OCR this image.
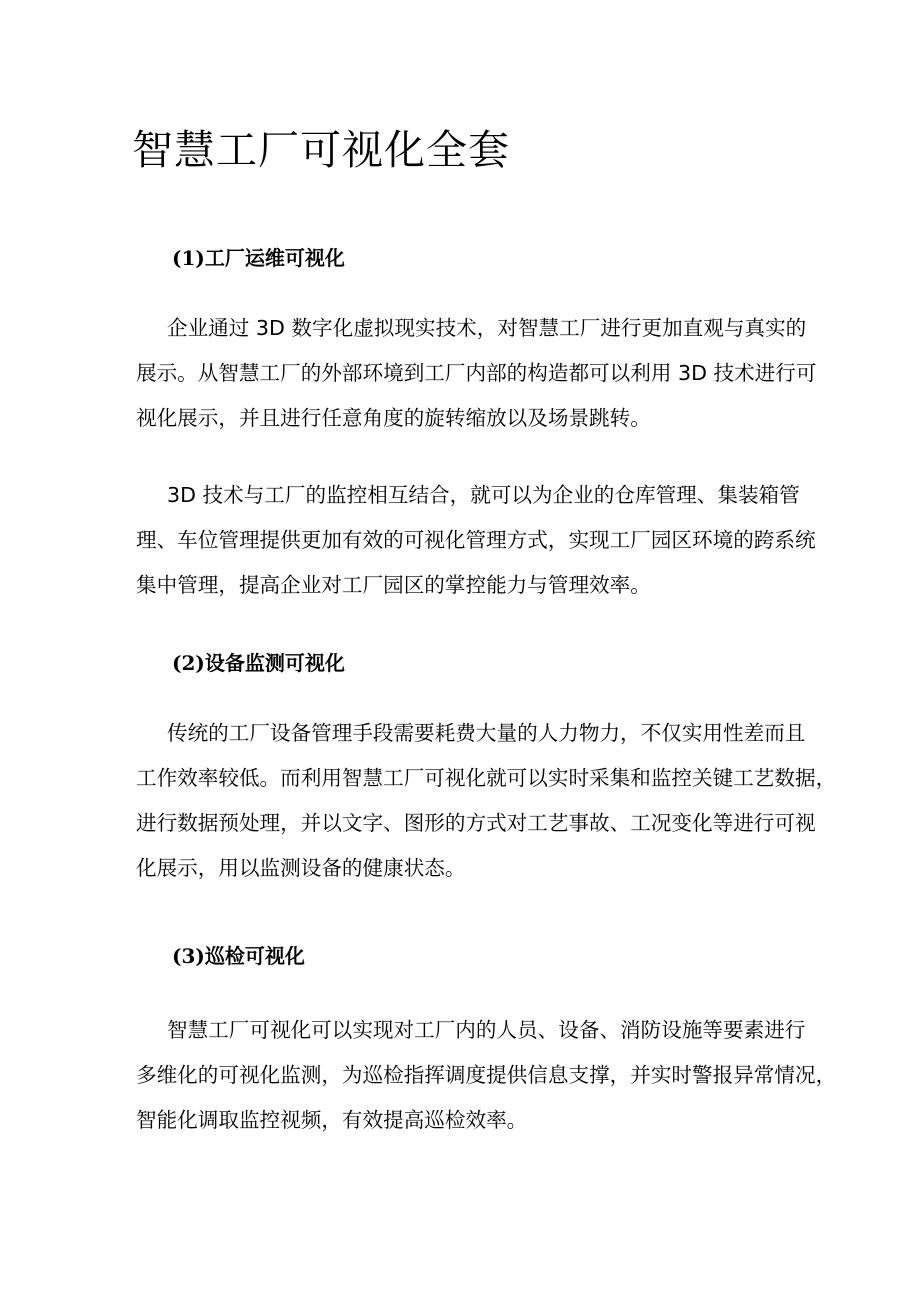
智慧工厂可视化全套
(1)工厂运维可视化

企业通过 3D 数字化虚拟现实技术，对智慧工厂进行更加直观与真实的
展示。从智慧工厂的外部环境到工厂内部的构造都可以利用 3D 技术进行可
视化展示，并且进行任意角度的旋转缩放以及场景跳转。

3D 技术与工厂的监控相互结合，就可以为企业的仓库管理、集装箱管
理、车位管理提供更加有效的可视化管理方式，实现工厂园区环境的跨系统
集中管理，提高企业对工厂园区的掌控能力与管理效率。

(2)设备监测可视化

传统的工厂设备管理手段需要耗费大量的人力物力，不仅实用性差而且
工作效率较低。而利用智慧工厂可视化就可以实时采集和监控关键工艺数据，
进行数据预处理，并以文字、图形的方式对工艺事故、工况变化等进行可视
化展示，用以监测设备的健康状态。

(3)巡检可视化

智慧工厂可视化可以实现对工厂内的人员、设备、消防设施等要素进行
多维化的可视化监测，为巡检指挥调度提供信息支撑，并实时警报异常情况，
智能化调取监控视频，有效提高巡检效率。
